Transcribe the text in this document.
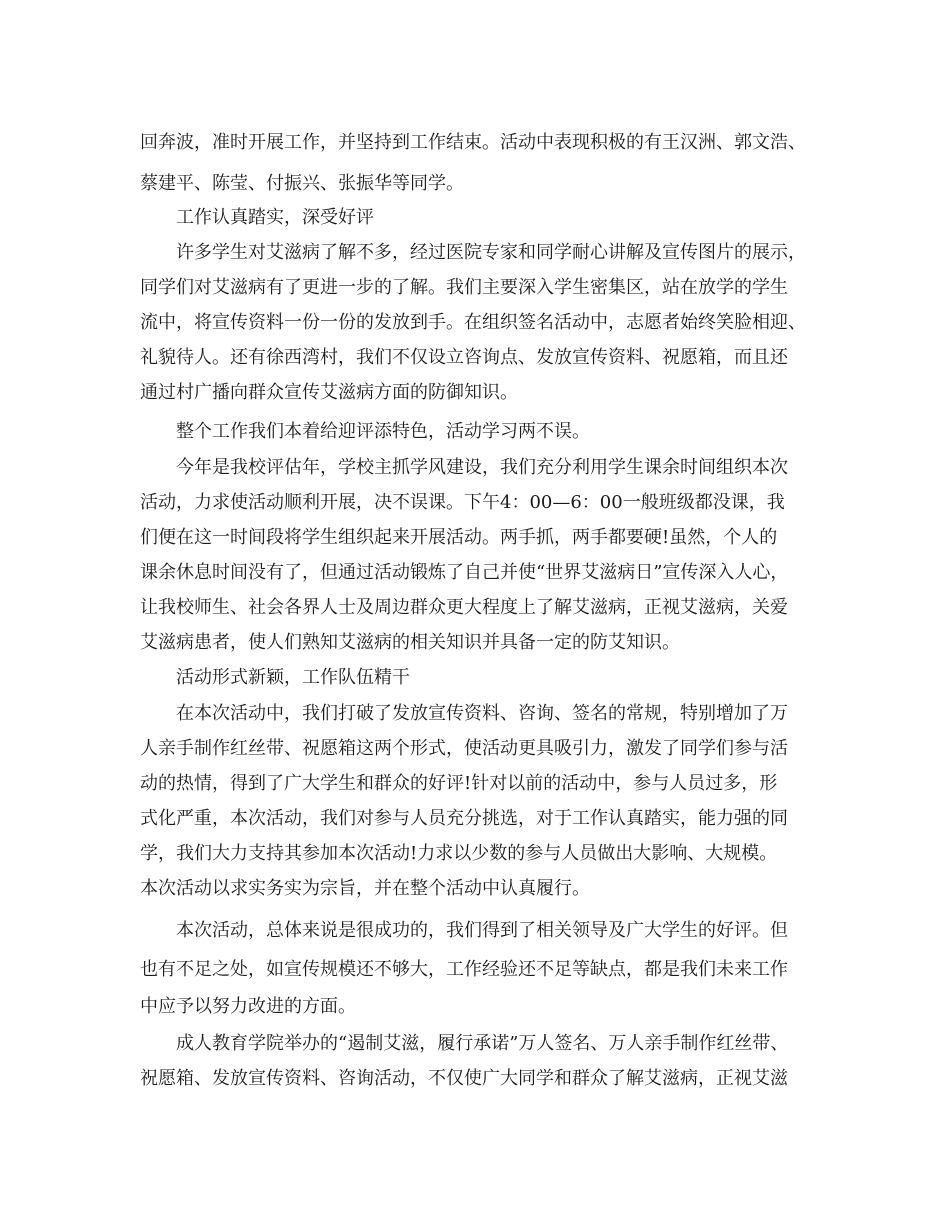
回奔波，准时开展工作，并坚持到工作结束。活动中表现积极的有王汉洲、郭文浩、
蔡建平、陈莹、付振兴、张振华等同学。
工作认真踏实，深受好评
许多学生对艾滋病了解不多，经过医院专家和同学耐心讲解及宣传图片的展示，
同学们对艾滋病有了更进一步的了解。我们主要深入学生密集区，站在放学的学生
流中，将宣传资料一份一份的发放到手。在组织签名活动中，志愿者始终笑脸相迎、
礼貌待人。还有徐西湾村，我们不仅设立咨询点、发放宣传资料、祝愿箱，而且还
通过村广播向群众宣传艾滋病方面的防御知识。
整个工作我们本着给迎评添特色，活动学习两不误。
今年是我校评估年，学校主抓学风建设，我们充分利用学生课余时间组织本次
活动，力求使活动顺利开展，决不误课。下午4：00—6：00一般班级都没课，我
们便在这一时间段将学生组织起来开展活动。两手抓，两手都要硬!虽然，个人的
课余休息时间没有了，但通过活动锻炼了自己并使“世界艾滋病日”宣传深入人心，
让我校师生、社会各界人士及周边群众更大程度上了解艾滋病，正视艾滋病，关爱
艾滋病患者，使人们熟知艾滋病的相关知识并具备一定的防艾知识。
活动形式新颖，工作队伍精干
在本次活动中，我们打破了发放宣传资料、咨询、签名的常规，特别增加了万
人亲手制作红丝带、祝愿箱这两个形式，使活动更具吸引力，激发了同学们参与活
动的热情，得到了广大学生和群众的好评!针对以前的活动中，参与人员过多，形
式化严重，本次活动，我们对参与人员充分挑选，对于工作认真踏实，能力强的同
学，我们大力支持其参加本次活动!力求以少数的参与人员做出大影响、大规模。
本次活动以求实务实为宗旨，并在整个活动中认真履行。
本次活动，总体来说是很成功的，我们得到了相关领导及广大学生的好评。但
也有不足之处，如宣传规模还不够大，工作经验还不足等缺点，都是我们未来工作
中应予以努力改进的方面。
成人教育学院举办的“遏制艾滋，履行承诺”万人签名、万人亲手制作红丝带、
祝愿箱、发放宣传资料、咨询活动，不仅使广大同学和群众了解艾滋病，正视艾滋
